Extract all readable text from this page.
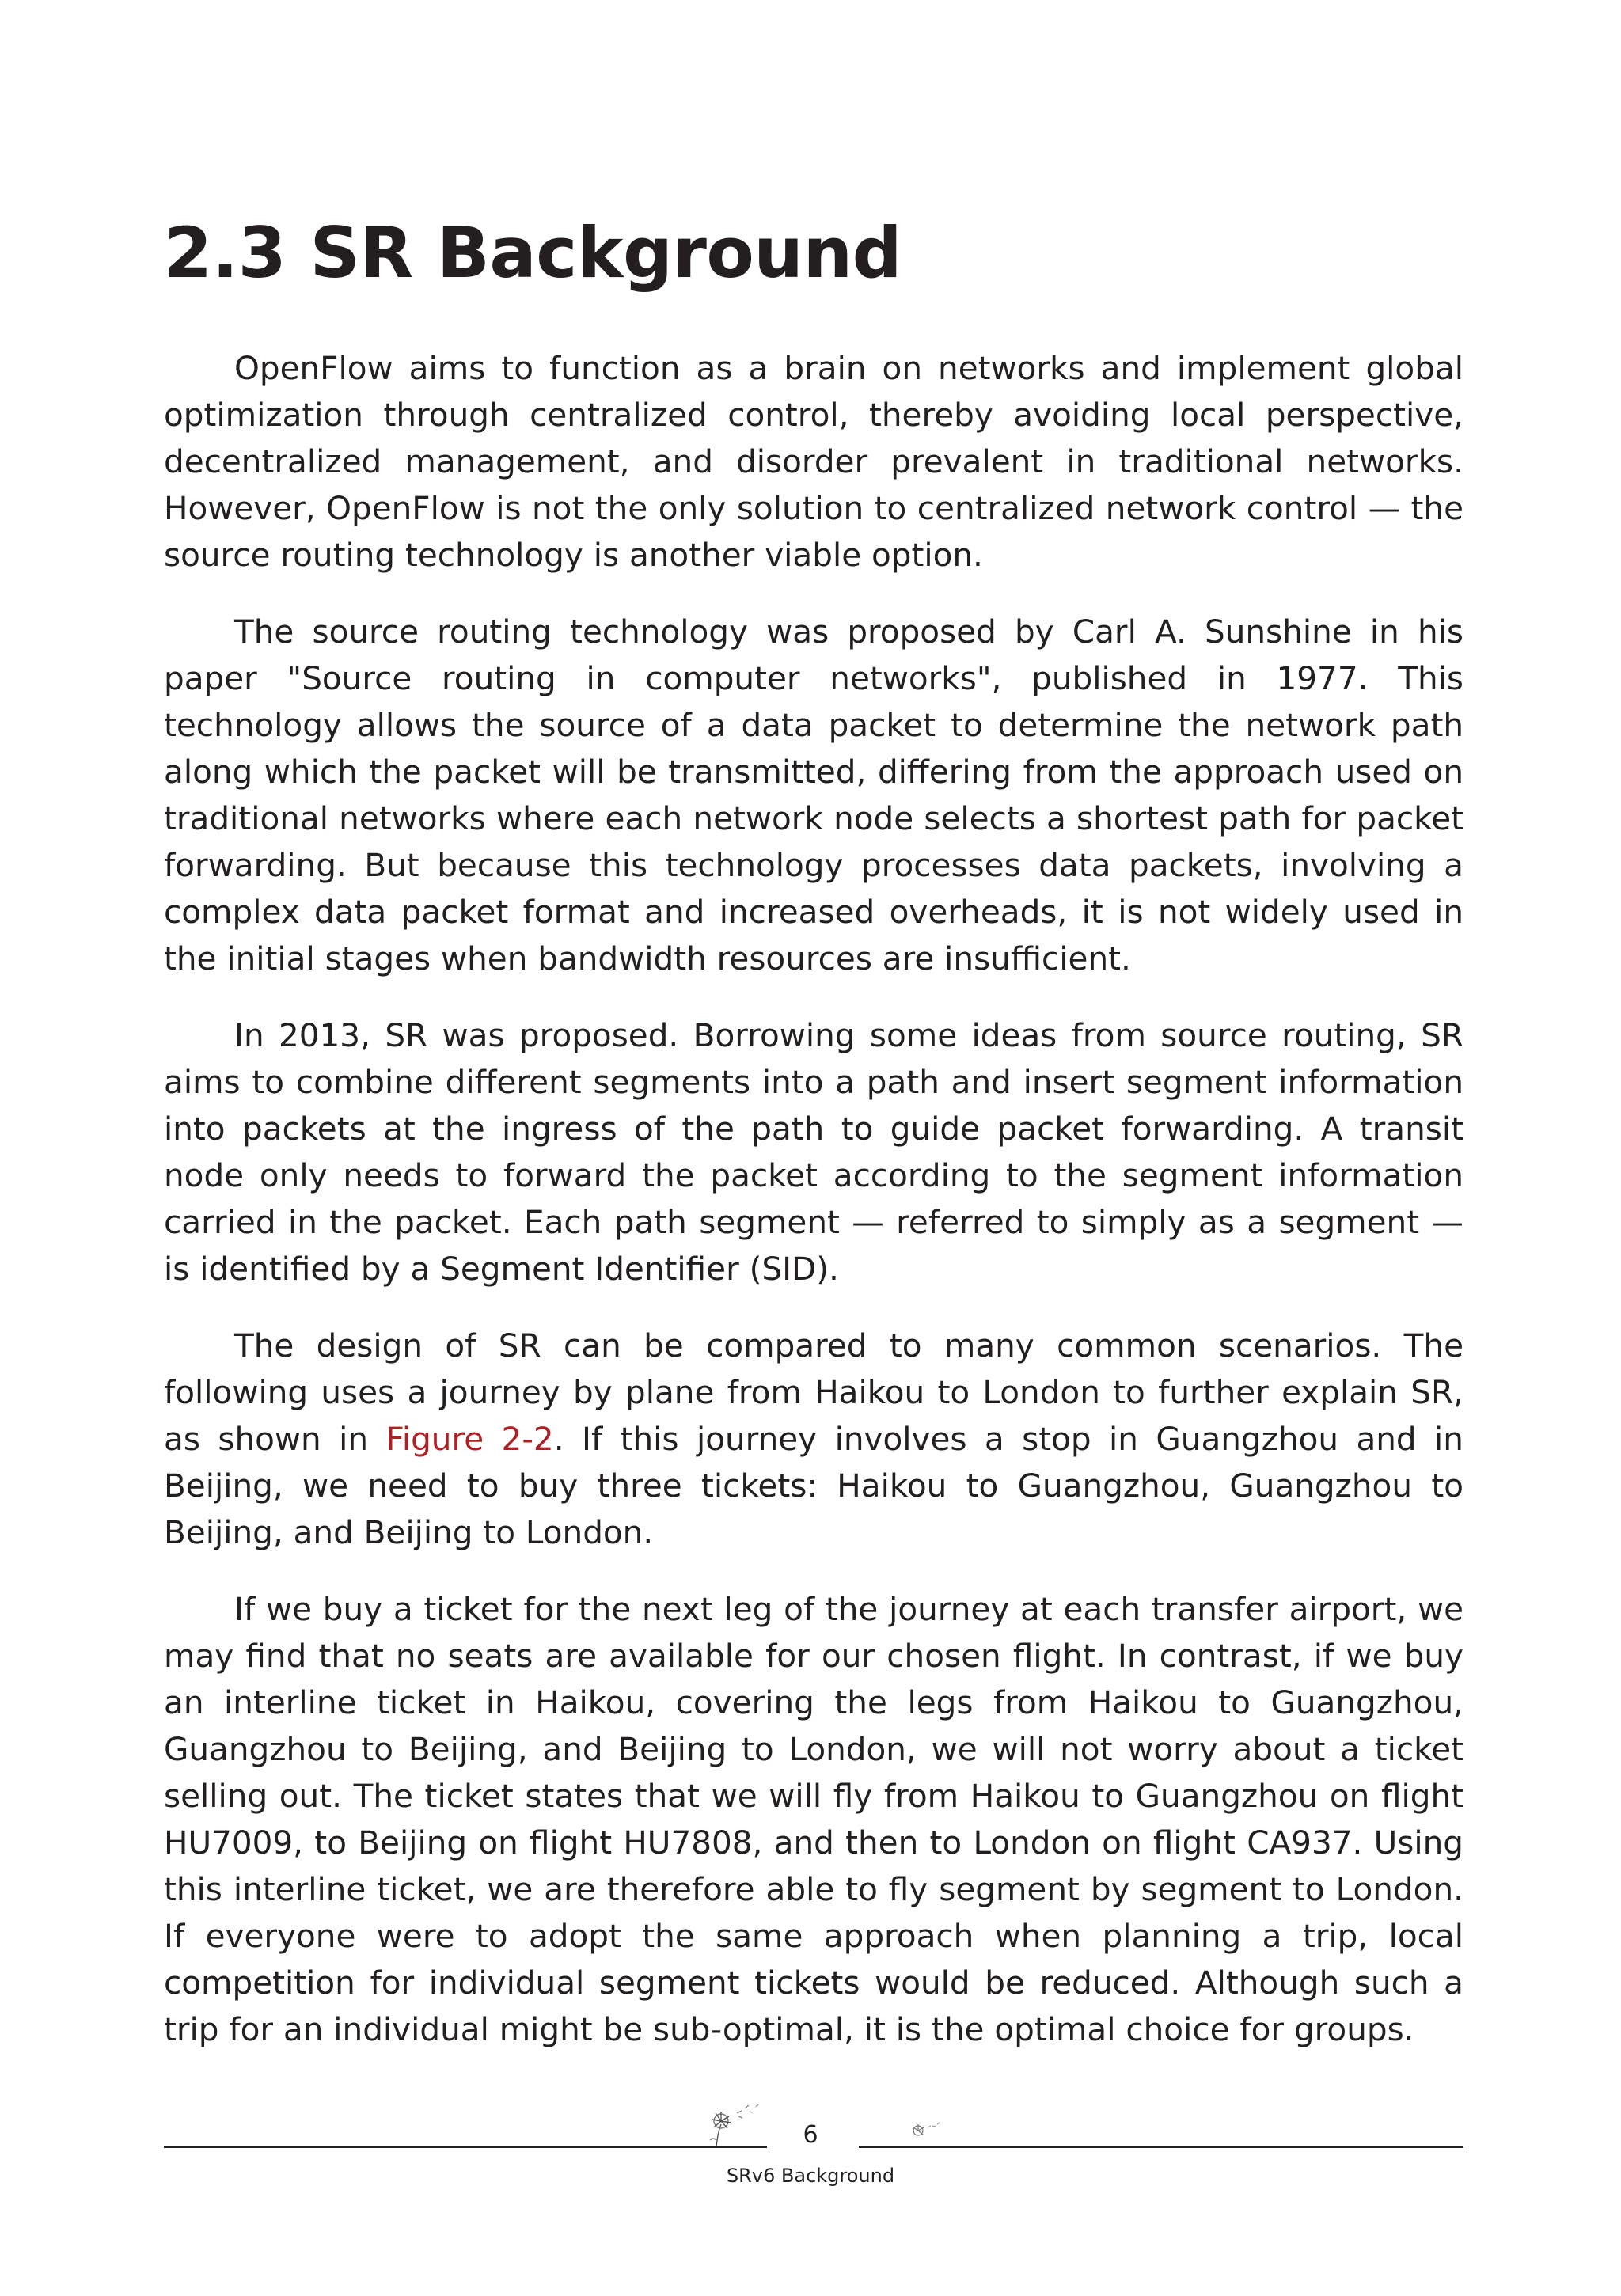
2.3 SR Background

OpenFlow aims to function as a brain on networks and implement global optimization through centralized control, thereby avoiding local perspective, decentralized management, and disorder prevalent in traditional networks. However, OpenFlow is not the only solution to centralized network control — the source routing technology is another viable option.

The source routing technology was proposed by Carl A. Sunshine in his paper "Source routing in computer networks", published in 1977. This technology allows the source of a data packet to determine the network path along which the packet will be transmitted, differing from the approach used on traditional networks where each network node selects a shortest path for packet forwarding. But because this technology processes data packets, involving a complex data packet format and increased overheads, it is not widely used in the initial stages when bandwidth resources are insufficient.

In 2013, SR was proposed. Borrowing some ideas from source routing, SR aims to combine different segments into a path and insert segment information into packets at the ingress of the path to guide packet forwarding. A transit node only needs to forward the packet according to the segment information carried in the packet. Each path segment — referred to simply as a segment — is identified by a Segment Identifier (SID).

The design of SR can be compared to many common scenarios. The following uses a journey by plane from Haikou to London to further explain SR, as shown in Figure 2-2. If this journey involves a stop in Guangzhou and in Beijing, we need to buy three tickets: Haikou to Guangzhou, Guangzhou to Beijing, and Beijing to London.

If we buy a ticket for the next leg of the journey at each transfer airport, we may find that no seats are available for our chosen flight. In contrast, if we buy an interline ticket in Haikou, covering the legs from Haikou to Guangzhou, Guangzhou to Beijing, and Beijing to London, we will not worry about a ticket selling out. The ticket states that we will fly from Haikou to Guangzhou on flight HU7009, to Beijing on flight HU7808, and then to London on flight CA937. Using this interline ticket, we are therefore able to fly segment by segment to London. If everyone were to adopt the same approach when planning a trip, local competition for individual segment tickets would be reduced. Although such a trip for an individual might be sub-optimal, it is the optimal choice for groups.

6
SRv6 Background
